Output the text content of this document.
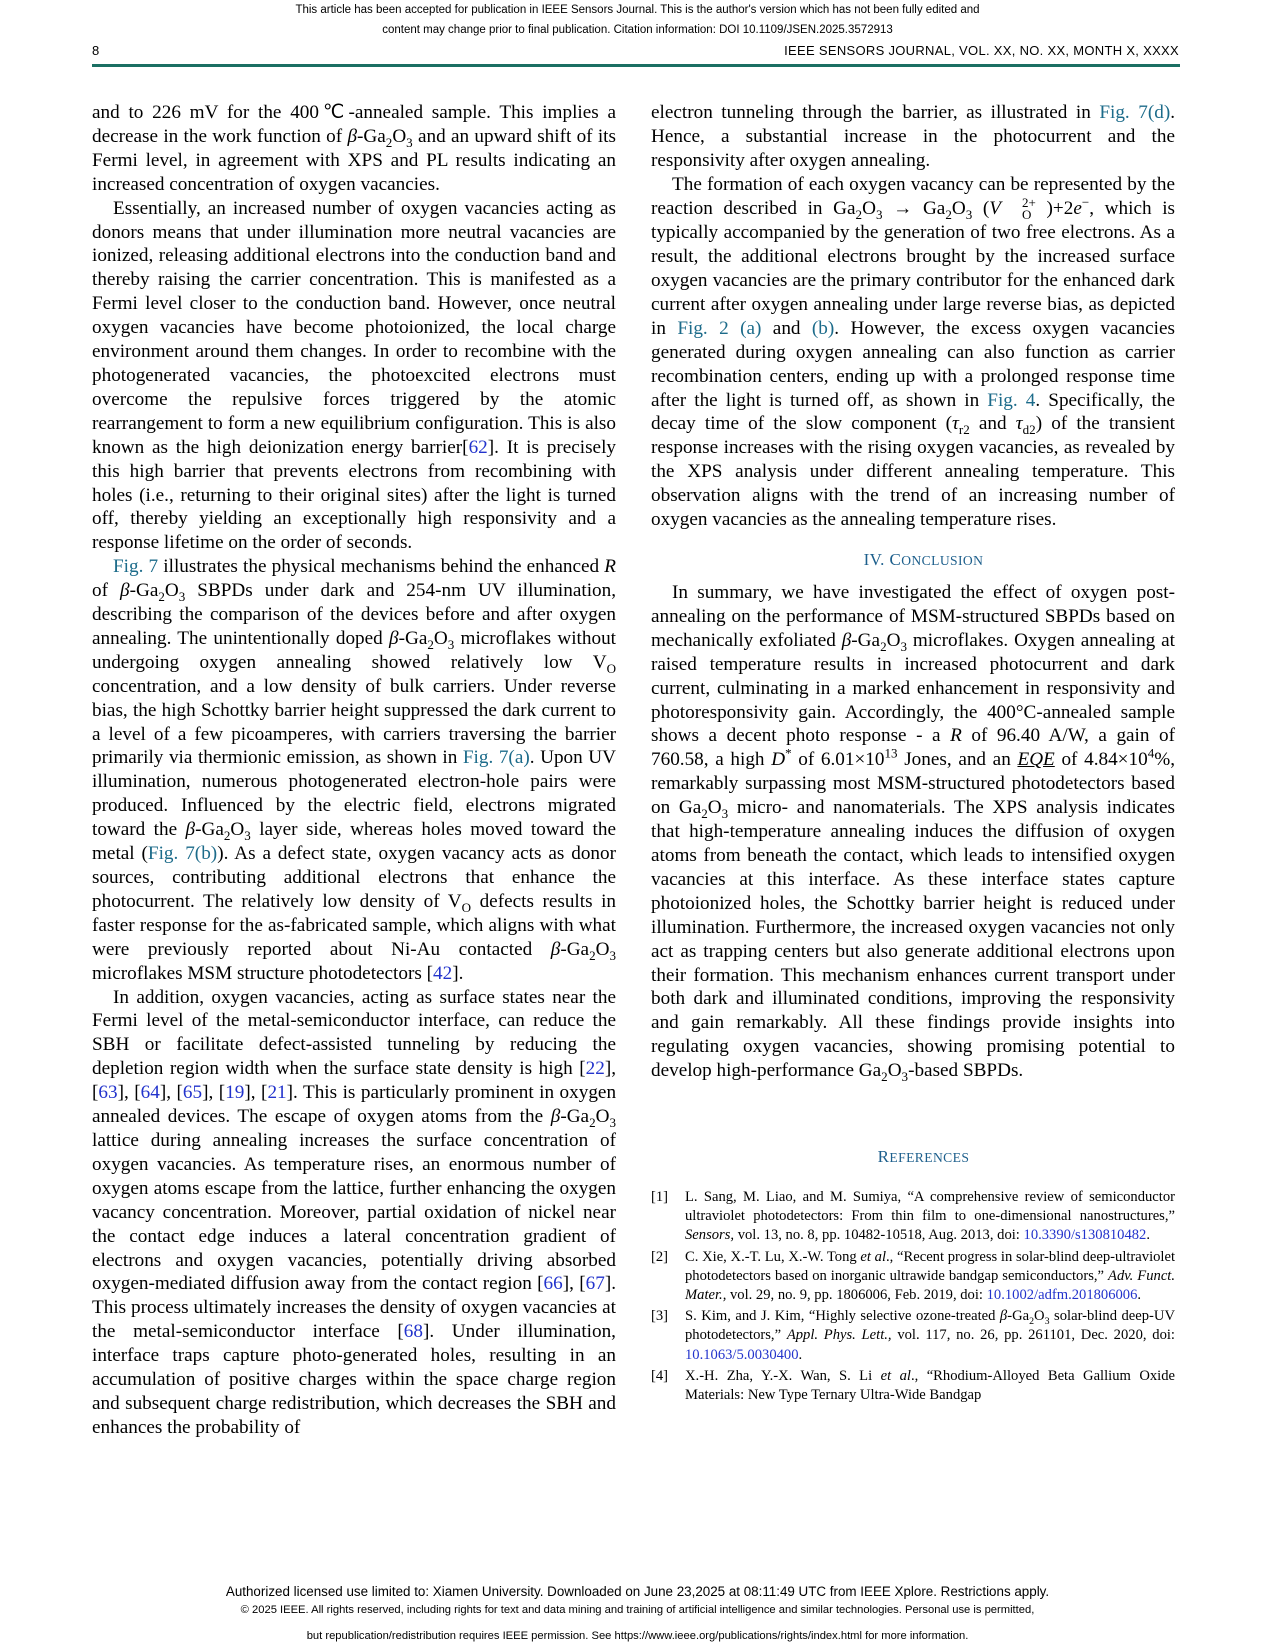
This article has been accepted for publication in IEEE Sensors Journal. This is the author's version which has not been fully edited and
content may change prior to final publication. Citation information: DOI 10.1109/JSEN.2025.3572913
8	IEEE SENSORS JOURNAL, VOL. XX, NO. XX, MONTH X, XXXX

and to 226 mV for the 400℃-annealed sample. This implies a decrease in the work function of $\beta-Ga_2O_3$ and an upward shift of its Fermi level, in agreement with XPS and PL results indicating an increased concentration of oxygen vacancies.

Essentially, an increased number of oxygen vacancies acting as donors means that under illumination more neutral vacancies are ionized, releasing additional electrons into the conduction band and thereby raising the carrier concentration. This is manifested as a Fermi level closer to the conduction band. However, once neutral oxygen vacancies have become photoionized, the local charge environment around them changes. In order to recombine with the photogenerated vacancies, the photoexcited electrons must overcome the repulsive forces triggered by the atomic rearrangement to form a new equilibrium configuration. This is also known as the high deionization energy barrier[62]. It is precisely this high barrier that prevents electrons from recombining with holes (i.e., returning to their original sites) after the light is turned off, thereby yielding an exceptionally high responsivity and a response lifetime on the order of seconds.

Fig. 7 illustrates the physical mechanisms behind the enhanced R of $\beta-Ga_2O_3$ SBPDs under dark and 254-nm UV illumination, describing the comparison of the devices before and after oxygen annealing. The unintentionally doped $\beta-Ga_2O_3$ microflakes without undergoing oxygen annealing showed relatively low $V_O$ concentration, and a low density of bulk carriers. Under reverse bias, the high Schottky barrier height suppressed the dark current to a level of a few picoamperes, with carriers traversing the barrier primarily via thermionic emission, as shown in Fig. 7(a). Upon UV illumination, numerous photogenerated electron-hole pairs were produced. Influenced by the electric field, electrons migrated toward the $\beta-Ga_2O_3$ layer side, whereas holes moved toward the metal (Fig. 7(b)). As a defect state, oxygen vacancy acts as donor sources, contributing additional electrons that enhance the photocurrent. The relatively low density of $V_O$ defects results in faster response for the as-fabricated sample, which aligns with what were previously reported about Ni-Au contacted $\beta-Ga_2O_3$ microflakes MSM structure photodetectors [42].

In addition, oxygen vacancies, acting as surface states near the Fermi level of the metal-semiconductor interface, can reduce the SBH or facilitate defect-assisted tunneling by reducing the depletion region width when the surface state density is high [22], [63], [64], [65], [19], [21]. This is particularly prominent in oxygen annealed devices. The escape of oxygen atoms from the $\beta-Ga_2O_3$ lattice during annealing increases the surface concentration of oxygen vacancies. As temperature rises, an enormous number of oxygen atoms escape from the lattice, further enhancing the oxygen vacancy concentration. Moreover, partial oxidation of nickel near the contact edge induces a lateral concentration gradient of electrons and oxygen vacancies, potentially driving absorbed oxygen-mediated diffusion away from the contact region [66], [67]. This process ultimately increases the density of oxygen vacancies at the metal-semiconductor interface [68]. Under illumination, interface traps capture photo-generated holes, resulting in an accumulation of positive charges within the space charge region and subsequent charge redistribution, which decreases the SBH and enhances the probability of

electron tunneling through the barrier, as illustrated in Fig. 7(d). Hence, a substantial increase in the photocurrent and the responsivity after oxygen annealing.

The formation of each oxygen vacancy can be represented by the reaction described in $Ga_2O_3 \to Ga_2O_3$ (V	2+
O )+2e−, which is typically accompanied by the generation of two free electrons. As a result, the additional electrons brought by the increased surface oxygen vacancies are the primary contributor for the enhanced dark current after oxygen annealing under large reverse bias, as depicted in Fig. 2 (a) and (b). However, the excess oxygen vacancies generated during oxygen annealing can also function as carrier recombination centers, ending up with a prolonged response time after the light is turned off, as shown in Fig. 4. Specifically, the decay time of the slow component ($\tau_{r2}$ and $\tau_{d2}$) of the transient response increases with the rising oxygen vacancies, as revealed by the XPS analysis under different annealing temperature. This observation aligns with the trend of an increasing number of oxygen vacancies as the annealing temperature rises.

IV. CONCLUSION

In summary, we have investigated the effect of oxygen post-annealing on the performance of MSM-structured SBPDs based on mechanically exfoliated $\beta-Ga_2O_3$ microflakes. Oxygen annealing at raised temperature results in increased photocurrent and dark current, culminating in a marked enhancement in responsivity and photoresponsivity gain. Accordingly, the 400°C-annealed sample shows a decent photo response - a R of 96.40 A/W, a gain of 760.58, a high D* of $6.01\times 10^{13}$ Jones, and an EQE of $4.84\times 10^4\%$, remarkably surpassing most MSM-structured photodetectors based on $Ga_2O_3$ micro- and nanomaterials. The XPS analysis indicates that high-temperature annealing induces the diffusion of oxygen atoms from beneath the contact, which leads to intensified oxygen vacancies at this interface. As these interface states capture photoionized holes, the Schottky barrier height is reduced under illumination. Furthermore, the increased oxygen vacancies not only act as trapping centers but also generate additional electrons upon their formation. This mechanism enhances current transport under both dark and illuminated conditions, improving the responsivity and gain remarkably. All these findings provide insights into regulating oxygen vacancies, showing promising potential to develop high-performance $Ga_2O_3$-based SBPDs.

REFERENCES

[1]	L. Sang, M. Liao, and M. Sumiya, “A comprehensive review of semiconductor ultraviolet photodetectors: From thin film to one-dimensional nanostructures,” Sensors, vol. 13, no. 8, pp. 10482-10518, Aug. 2013, doi: 10.3390/s130810482.
[2]	C. Xie, X.-T. Lu, X.-W. Tong et al., “Recent progress in solar-blind deep-ultraviolet photodetectors based on inorganic ultrawide bandgap semiconductors,” Adv. Funct. Mater., vol. 29, no. 9, pp. 1806006, Feb. 2019, doi: 10.1002/adfm.201806006.
[3]	S. Kim, and J. Kim, “Highly selective ozone-treated $\beta-Ga_2O_3$ solar-blind deep-UV photodetectors,” Appl. Phys. Lett., vol. 117, no. 26, pp. 261101, Dec. 2020, doi: 10.1063/5.0030400.
[4]	X.-H. Zha, Y.-X. Wan, S. Li et al., “Rhodium-Alloyed Beta Gallium Oxide Materials: New Type Ternary Ultra-Wide Bandgap
Authorized licensed use limited to: Xiamen University. Downloaded on June 23,2025 at 08:11:49 UTC from IEEE Xplore. Restrictions apply.
© 2025 IEEE. All rights reserved, including rights for text and data mining and training of artificial intelligence and similar technologies. Personal use is permitted,
but republication/redistribution requires IEEE permission. See https://www.ieee.org/publications/rights/index.html for more information.
